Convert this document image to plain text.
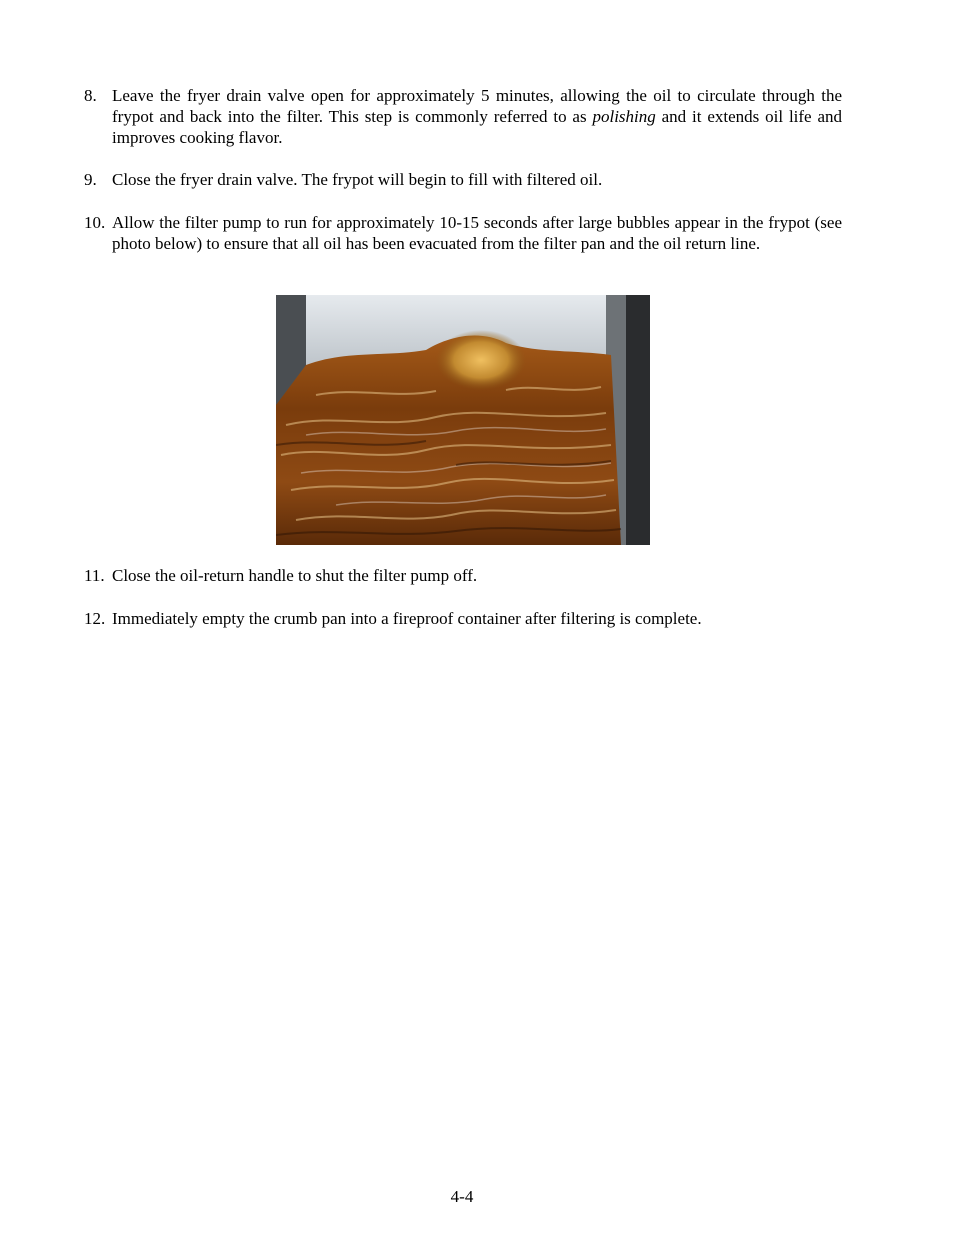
8. Leave the fryer drain valve open for approximately 5 minutes, allowing the oil to circulate through the frypot and back into the filter. This step is commonly referred to as polishing and it extends oil life and improves cooking flavor.
9. Close the fryer drain valve. The frypot will begin to fill with filtered oil.
10. Allow the filter pump to run for approximately 10-15 seconds after large bubbles appear in the frypot (see photo below) to ensure that all oil has been evacuated from the filter pan and the oil return line.
11. Close the oil-return handle to shut the filter pump off.
12. Immediately empty the crumb pan into a fireproof container after filtering is complete.
4-4
